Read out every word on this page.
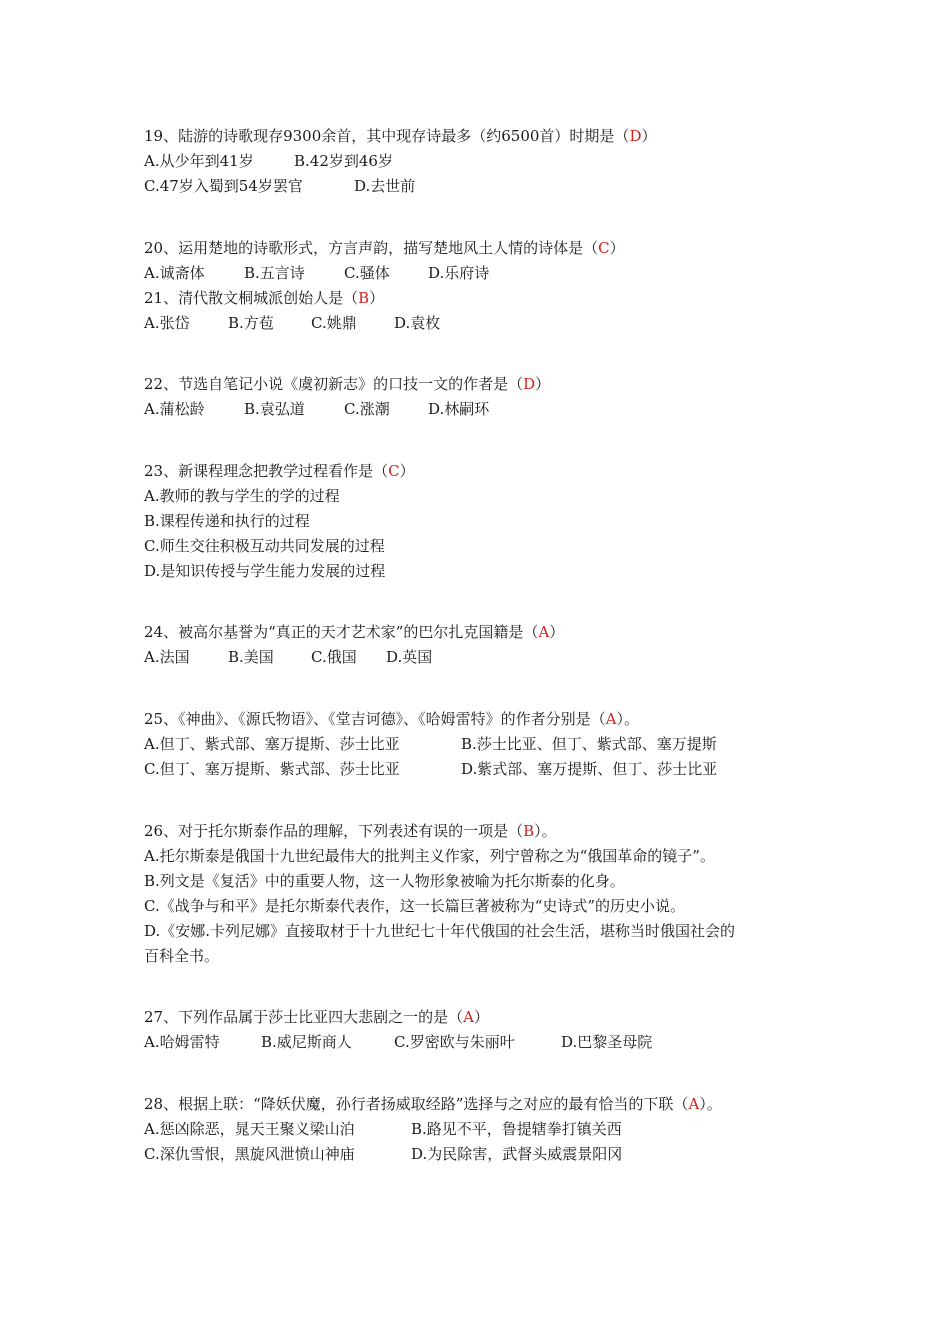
19、陆游的诗歌现存9300余首，其中现存诗最多（约6500首）时期是（D）
A.从少年到41岁	B.42岁到46岁
C.47岁入蜀到54岁罢官	D.去世前
20、运用楚地的诗歌形式，方言声韵，描写楚地风土人情的诗体是（C）
A.诚斋体	B.五言诗	C.骚体	D.乐府诗
21、清代散文桐城派创始人是（B）
A.张岱	B.方苞 C.姚鼎 D.袁枚
22、节选自笔记小说《虞初新志》的口技一文的作者是（D）
A.蒲松龄	B.袁弘道	C.涨潮	D.林嗣环
23、新课程理念把教学过程看作是（C）
A.教师的教与学生的学的过程
B.课程传递和执行的过程
C.师生交往积极互动共同发展的过程
D.是知识传授与学生能力发展的过程
24、被高尔基誉为“真正的天才艺术家”的巴尔扎克国籍是（A）
A.法国	B.美国 C.俄国 D.英国
25、《神曲》、《源氏物语》、《堂吉诃德》、《哈姆雷特》的作者分别是（A）。
A.但丁、紫式部、塞万提斯、莎士比亚	B.莎士比亚、但丁、紫式部、塞万提斯
C.但丁、塞万提斯、紫式部、莎士比亚	D.紫式部、塞万提斯、但丁、莎士比亚
26、对于托尔斯泰作品的理解，下列表述有误的一项是（B）。
A.托尔斯泰是俄国十九世纪最伟大的批判主义作家，列宁曾称之为“俄国革命的镜子”。
B.列文是《复活》中的重要人物，这一人物形象被喻为托尔斯泰的化身。
C.《战争与和平》是托尔斯泰代表作，这一长篇巨著被称为“史诗式”的历史小说。
D.《安娜.卡列尼娜》直接取材于十九世纪七十年代俄国的社会生活，堪称当时俄国社会的
百科全书。
27、下列作品属于莎士比亚四大悲剧之一的是（A）
A.哈姆雷特	B.威尼斯商人	C.罗密欧与朱丽叶	D.巴黎圣母院
28、根据上联：“降妖伏魔，孙行者扬威取经路”选择与之对应的最有恰当的下联（A）。
A.惩凶除恶，晁天王聚义梁山泊	B.路见不平，鲁提辖拳打镇关西
C.深仇雪恨，黑旋风泄愤山神庙	D.为民除害，武督头威震景阳冈
